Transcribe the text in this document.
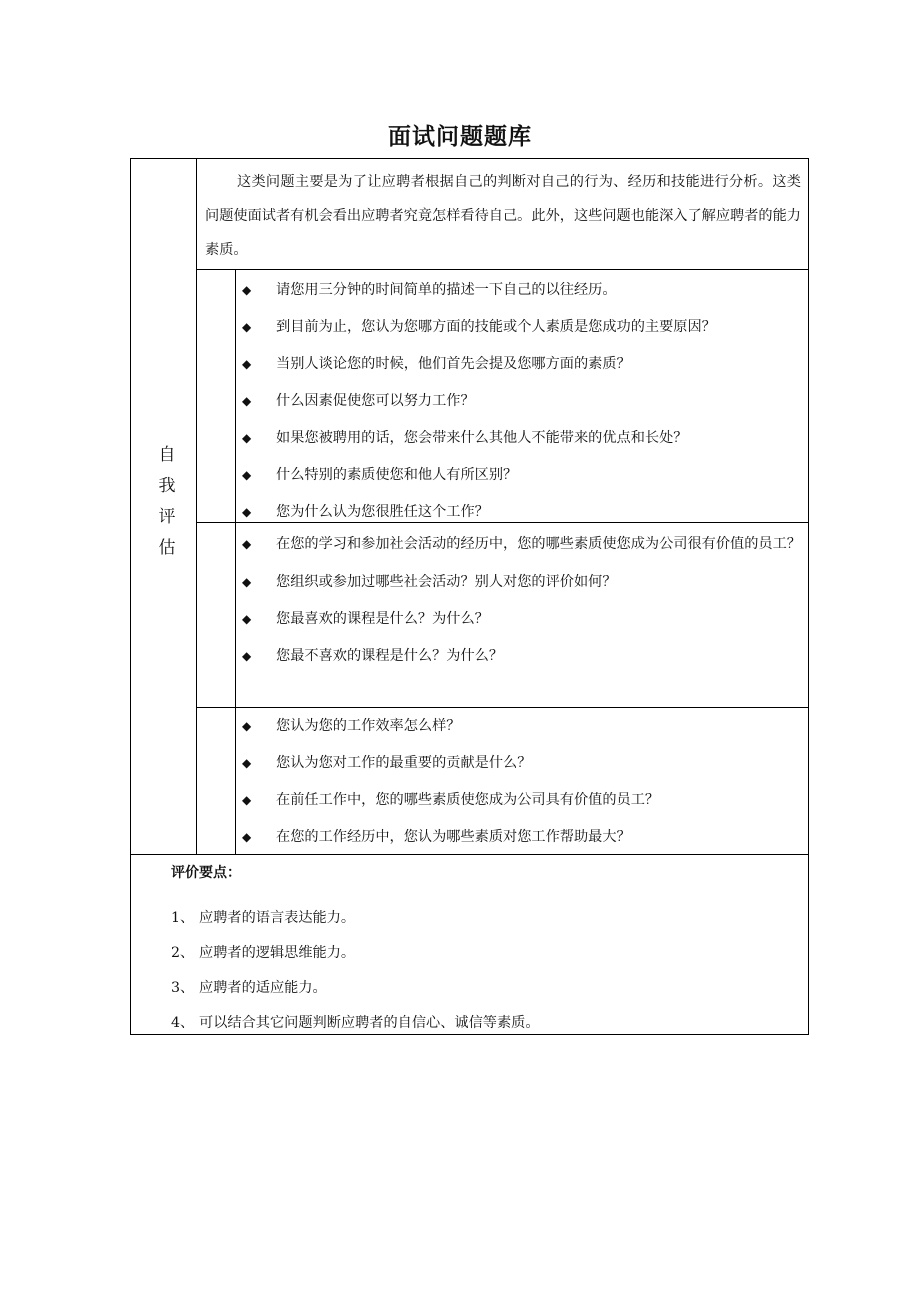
面试问题题库
自我评估

这类问题主要是为了让应聘者根据自己的判断对自己的行为、经历和技能进行分析。这类问题使面试者有机会看出应聘者究竟怎样看待自己。此外，这些问题也能深入了解应聘者的能力素质。

◆ 请您用三分钟的时间简单的描述一下自己的以往经历。
◆ 到目前为止，您认为您哪方面的技能或个人素质是您成功的主要原因？
◆ 当别人谈论您的时候，他们首先会提及您哪方面的素质？
◆ 什么因素促使您可以努力工作？
◆ 如果您被聘用的话，您会带来什么其他人不能带来的优点和长处？
◆ 什么特别的素质使您和他人有所区别？
◆ 您为什么认为您很胜任这个工作？
◆ 在您的学习和参加社会活动的经历中，您的哪些素质使您成为公司很有价值的员工？
◆ 您组织或参加过哪些社会活动？别人对您的评价如何？
◆ 您最喜欢的课程是什么？为什么？
◆ 您最不喜欢的课程是什么？为什么？
◆ 您认为您的工作效率怎么样？
◆ 您认为您对工作的最重要的贡献是什么？
◆ 在前任工作中，您的哪些素质使您成为公司具有价值的员工？
◆ 在您的工作经历中，您认为哪些素质对您工作帮助最大？
评价要点：
1、 应聘者的语言表达能力。
2、 应聘者的逻辑思维能力。
3、 应聘者的适应能力。
4、 可以结合其它问题判断应聘者的自信心、诚信等素质。
